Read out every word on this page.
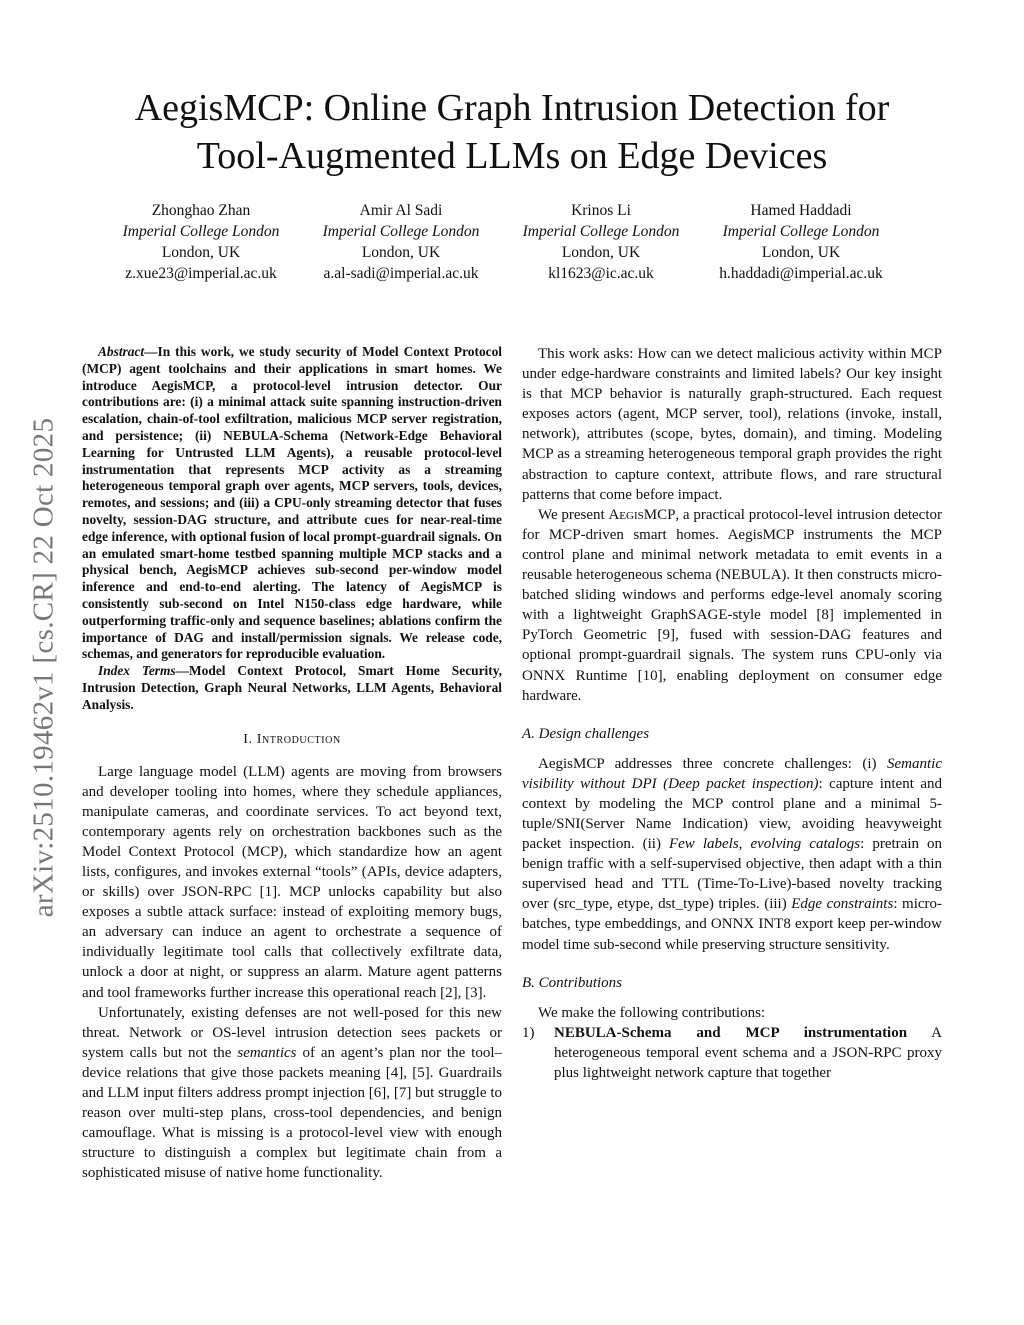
arXiv:2510.19462v1 [cs.CR] 22 Oct 2025
AegisMCP: Online Graph Intrusion Detection for
Tool-Augmented LLMs on Edge Devices
Zhonghao Zhan
Imperial College London
London, UK
z.xue23@imperial.ac.uk
Amir Al Sadi
Imperial College London
London, UK
a.al-sadi@imperial.ac.uk
Krinos Li
Imperial College London
London, UK
kl1623@ic.ac.uk
Hamed Haddadi
Imperial College London
London, UK
h.haddadi@imperial.ac.uk

Abstract—In this work, we study security of Model Context Protocol (MCP) agent toolchains and their applications in smart homes. We introduce AegisMCP, a protocol-level intrusion detector. Our contributions are: (i) a minimal attack suite spanning instruction-driven escalation, chain-of-tool exfiltration, malicious MCP server registration, and persistence; (ii) NEBULA-Schema (Network-Edge Behavioral Learning for Untrusted LLM Agents), a reusable protocol-level instrumentation that represents MCP activity as a streaming heterogeneous temporal graph over agents, MCP servers, tools, devices, remotes, and sessions; and (iii) a CPU-only streaming detector that fuses novelty, session-DAG structure, and attribute cues for near-real-time edge inference, with optional fusion of local prompt-guardrail signals. On an emulated smart-home testbed spanning multiple MCP stacks and a physical bench, AegisMCP achieves sub-second per-window model inference and end-to-end alerting. The latency of AegisMCP is consistently sub-second on Intel N150-class edge hardware, while outperforming traffic-only and sequence baselines; ablations confirm the importance of DAG and install/permission signals. We release code, schemas, and generators for reproducible evaluation.

Index Terms—Model Context Protocol, Smart Home Security, Intrusion Detection, Graph Neural Networks, LLM Agents, Behavioral Analysis.

I. Introduction

Large language model (LLM) agents are moving from browsers and developer tooling into homes, where they schedule appliances, manipulate cameras, and coordinate services. To act beyond text, contemporary agents rely on orchestration backbones such as the Model Context Protocol (MCP), which standardize how an agent lists, configures, and invokes external “tools” (APIs, device adapters, or skills) over JSON-RPC [1]. MCP unlocks capability but also exposes a subtle attack surface: instead of exploiting memory bugs, an adversary can induce an agent to orchestrate a sequence of individually legitimate tool calls that collectively exfiltrate data, unlock a door at night, or suppress an alarm. Mature agent patterns and tool frameworks further increase this operational reach [2], [3].

Unfortunately, existing defenses are not well-posed for this new threat. Network or OS-level intrusion detection sees packets or system calls but not the semantics of an agent’s plan nor the tool–device relations that give those packets meaning [4], [5]. Guardrails and LLM input filters address prompt injection [6], [7] but struggle to reason over multi-step plans, cross-tool dependencies, and benign camouflage. What is missing is a protocol-level view with enough structure to distinguish a complex but legitimate chain from a sophisticated misuse of native home functionality.

This work asks: How can we detect malicious activity within MCP under edge-hardware constraints and limited labels? Our key insight is that MCP behavior is naturally graph-structured. Each request exposes actors (agent, MCP server, tool), relations (invoke, install, network), attributes (scope, bytes, domain), and timing. Modeling MCP as a streaming heterogeneous temporal graph provides the right abstraction to capture context, attribute flows, and rare structural patterns that come before impact.

We present AegisMCP, a practical protocol-level intrusion detector for MCP-driven smart homes. AegisMCP instruments the MCP control plane and minimal network metadata to emit events in a reusable heterogeneous schema (NEBULA). It then constructs micro-batched sliding windows and performs edge-level anomaly scoring with a lightweight GraphSAGE-style model [8] implemented in PyTorch Geometric [9], fused with session-DAG features and optional prompt-guardrail signals. The system runs CPU-only via ONNX Runtime [10], enabling deployment on consumer edge hardware.

A. Design challenges

AegisMCP addresses three concrete challenges: (i) Semantic visibility without DPI (Deep packet inspection): capture intent and context by modeling the MCP control plane and a minimal 5-tuple/SNI(Server Name Indication) view, avoiding heavyweight packet inspection. (ii) Few labels, evolving catalogs: pretrain on benign traffic with a self-supervised objective, then adapt with a thin supervised head and TTL (Time-To-Live)-based novelty tracking over (src_type, etype, dst_type) triples. (iii) Edge constraints: micro-batches, type embeddings, and ONNX INT8 export keep per-window model time sub-second while preserving structure sensitivity.

B. Contributions

We make the following contributions:

1)	NEBULA-Schema and MCP instrumentation A heterogeneous temporal event schema and a JSON-RPC proxy plus lightweight network capture that together
